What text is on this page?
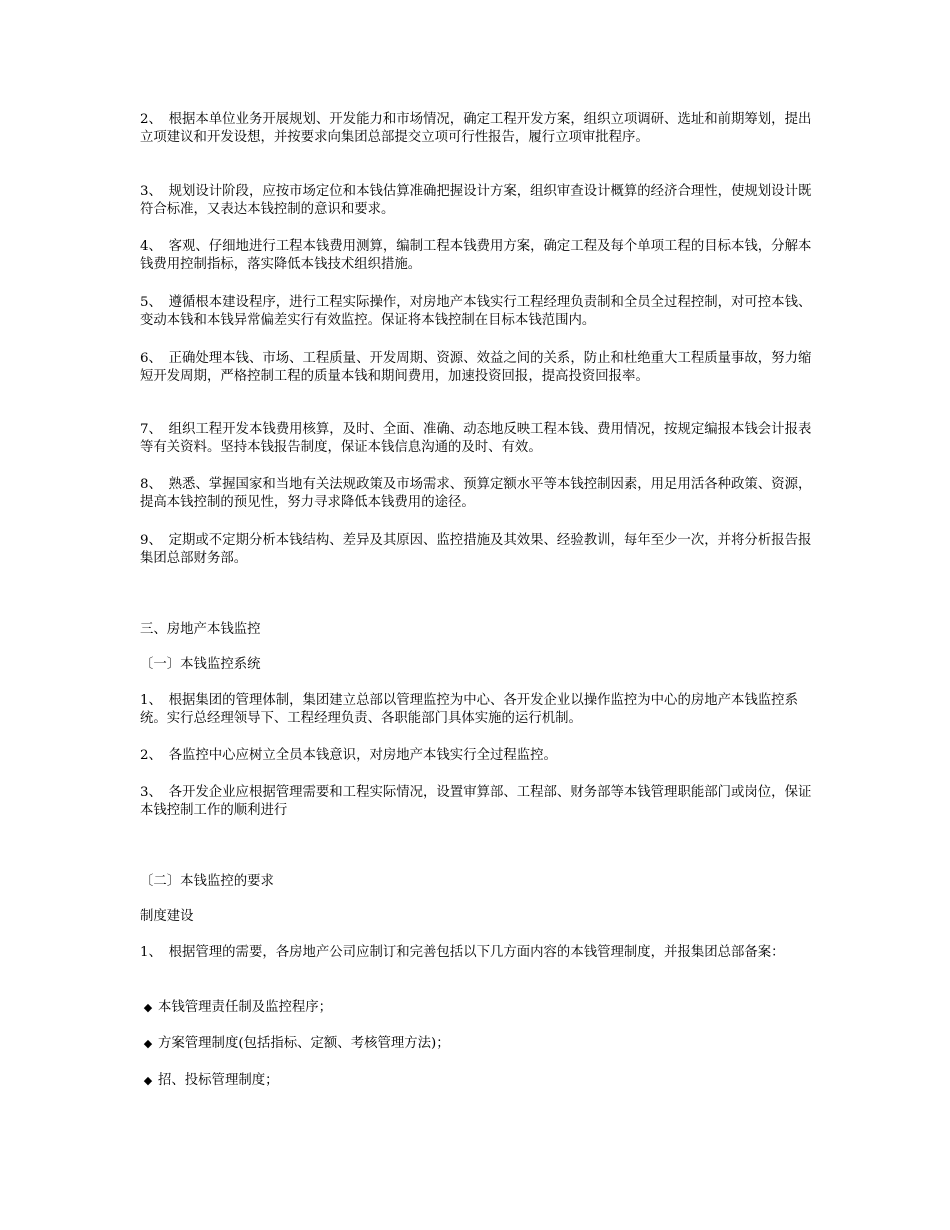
2、　根据本单位业务开展规划、开发能力和市场情况，确定工程开发方案，组织立项调研、选址和前期筹划，提出立项建议和开发设想，并按要求向集团总部提交立项可行性报告，履行立项审批程序。

3、　规划设计阶段，应按市场定位和本钱估算准确把握设计方案，组织审查设计概算的经济合理性，使规划设计既符合标准，又表达本钱控制的意识和要求。

4、　客观、仔细地进行工程本钱费用测算，编制工程本钱费用方案，确定工程及每个单项工程的目标本钱，分解本钱费用控制指标，落实降低本钱技术组织措施。

5、　遵循根本建设程序，进行工程实际操作，对房地产本钱实行工程经理负责制和全员全过程控制，对可控本钱、变动本钱和本钱异常偏差实行有效监控。保证将本钱控制在目标本钱范围内。

6、　正确处理本钱、市场、工程质量、开发周期、资源、效益之间的关系，防止和杜绝重大工程质量事故，努力缩短开发周期，严格控制工程的质量本钱和期间费用，加速投资回报，提高投资回报率。

7、　组织工程开发本钱费用核算，及时、全面、准确、动态地反映工程本钱、费用情况，按规定编报本钱会计报表等有关资料。坚持本钱报告制度，保证本钱信息沟通的及时、有效。

8、　熟悉、掌握国家和当地有关法规政策及市场需求、预算定额水平等本钱控制因素，用足用活各种政策、资源，提高本钱控制的预见性，努力寻求降低本钱费用的途径。

9、　定期或不定期分析本钱结构、差异及其原因、监控措施及其效果、经验教训，每年至少一次，并将分析报告报集团总部财务部。

三、房地产本钱监控

〔一〕本钱监控系统

1、　根据集团的管理体制，集团建立总部以管理监控为中心、各开发企业以操作监控为中心的房地产本钱监控系统。实行总经理领导下、工程经理负责、各职能部门具体实施的运行机制。

2、　各监控中心应树立全员本钱意识，对房地产本钱实行全过程监控。

3、　各开发企业应根据管理需要和工程实际情况，设置审算部、工程部、财务部等本钱管理职能部门或岗位，保证本钱控制工作的顺利进行

〔二〕本钱监控的要求

制度建设

1、　根据管理的需要，各房地产公司应制订和完善包括以下几方面内容的本钱管理制度，并报集团总部备案：

◆ 本钱管理责任制及监控程序；
◆ 方案管理制度(包括指标、定额、考核管理方法)；
◆ 招、投标管理制度；
